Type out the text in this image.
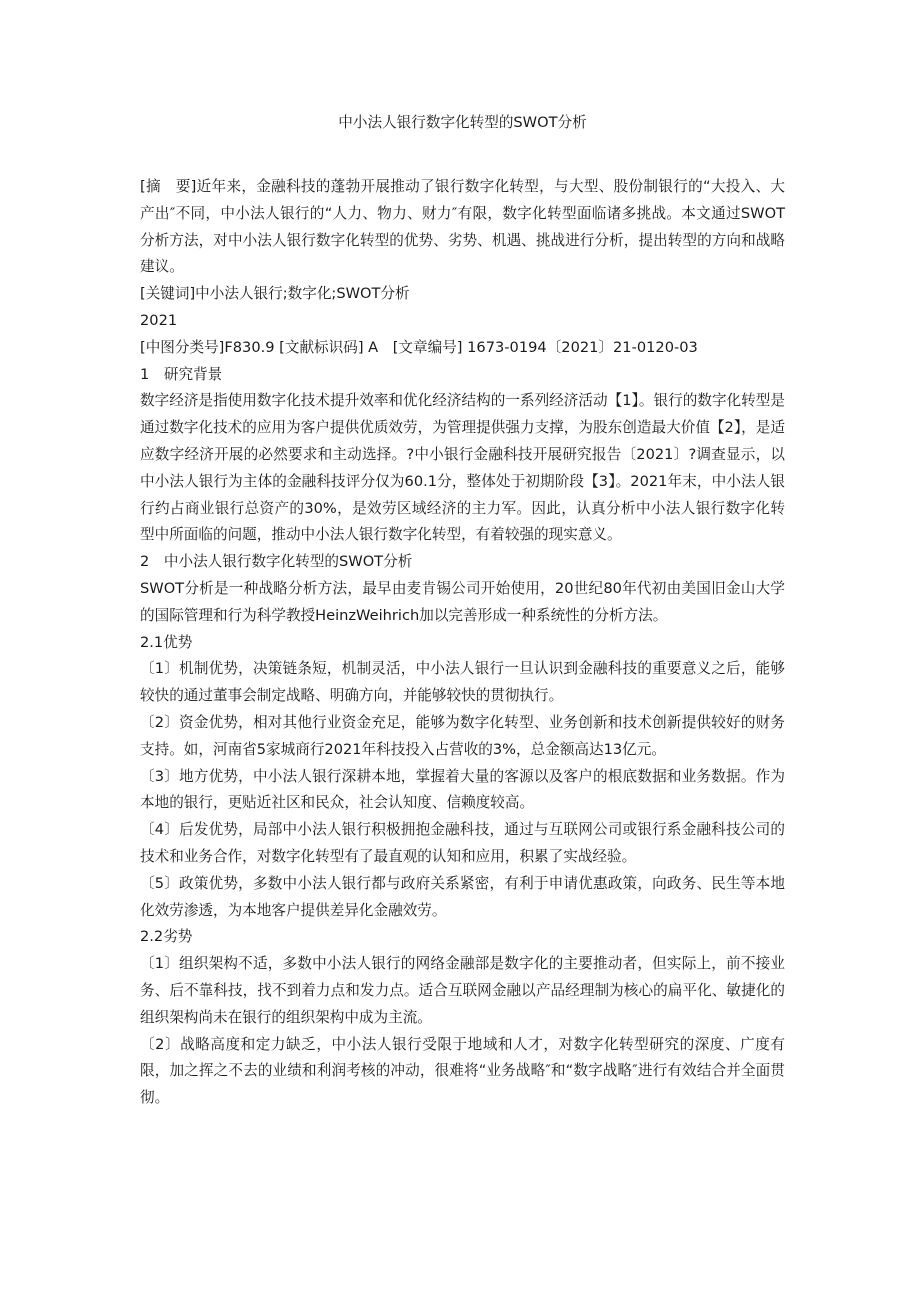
中小法人银行数字化转型的SWOT分析

[摘　要]近年来，金融科技的蓬勃开展推动了银行数字化转型，与大型、股份制银行的“大投入、大产出″不同，中小法人银行的“人力、物力、财力″有限，数字化转型面临诸多挑战。本文通过SWOT分析方法，对中小法人银行数字化转型的优势、劣势、机遇、挑战进行分析，提出转型的方向和战略建议。

[关键词]中小法人银行;数字化;SWOT分析

2021

[中图分类号]F830.9 [文献标识码] A　[文章编号] 1673-0194〔2021〕21-0120-03

1　研究背景

数字经济是指使用数字化技术提升效率和优化经济结构的一系列经济活动【1】。银行的数字化转型是通过数字化技术的应用为客户提供优质效劳，为管理提供强力支撑，为股东创造最大价值【2】，是适应数字经济开展的必然要求和主动选择。?中小银行金融科技开展研究报告〔2021〕?调查显示，以中小法人银行为主体的金融科技评分仅为60.1分，整体处于初期阶段【3】。2021年末，中小法人银行约占商业银行总资产的30%，是效劳区域经济的主力军。因此，认真分析中小法人银行数字化转型中所面临的问题，推动中小法人银行数字化转型，有着较强的现实意义。

2　中小法人银行数字化转型的SWOT分析

SWOT分析是一种战略分析方法，最早由麦肯锡公司开始使用，20世纪80年代初由美国旧金山大学的国际管理和行为科学教授HeinzWeihrich加以完善形成一种系统性的分析方法。

2.1优势

〔1〕机制优势，决策链条短，机制灵活，中小法人银行一旦认识到金融科技的重要意义之后，能够较快的通过董事会制定战略、明确方向，并能够较快的贯彻执行。

〔2〕资金优势，相对其他行业资金充足，能够为数字化转型、业务创新和技术创新提供较好的财务支持。如，河南省5家城商行2021年科技投入占营收的3%，总金额高达13亿元。

〔3〕地方优势，中小法人银行深耕本地，掌握着大量的客源以及客户的根底数据和业务数据。作为本地的银行，更贴近社区和民众，社会认知度、信赖度较高。

〔4〕后发优势，局部中小法人银行积极拥抱金融科技，通过与互联网公司或银行系金融科技公司的技术和业务合作，对数字化转型有了最直观的认知和应用，积累了实战经验。

〔5〕政策优势，多数中小法人银行都与政府关系紧密，有利于申请优惠政策，向政务、民生等本地化效劳渗透，为本地客户提供差异化金融效劳。

2.2劣势

〔1〕组织架构不适，多数中小法人银行的网络金融部是数字化的主要推动者，但实际上，前不接业务、后不靠科技，找不到着力点和发力点。适合互联网金融以产品经理制为核心的扁平化、敏捷化的组织架构尚未在银行的组织架构中成为主流。

〔2〕战略高度和定力缺乏，中小法人银行受限于地域和人才，对数字化转型研究的深度、广度有限，加之挥之不去的业绩和利润考核的冲动，很难将“业务战略″和“数字战略″进行有效结合并全面贯彻。
